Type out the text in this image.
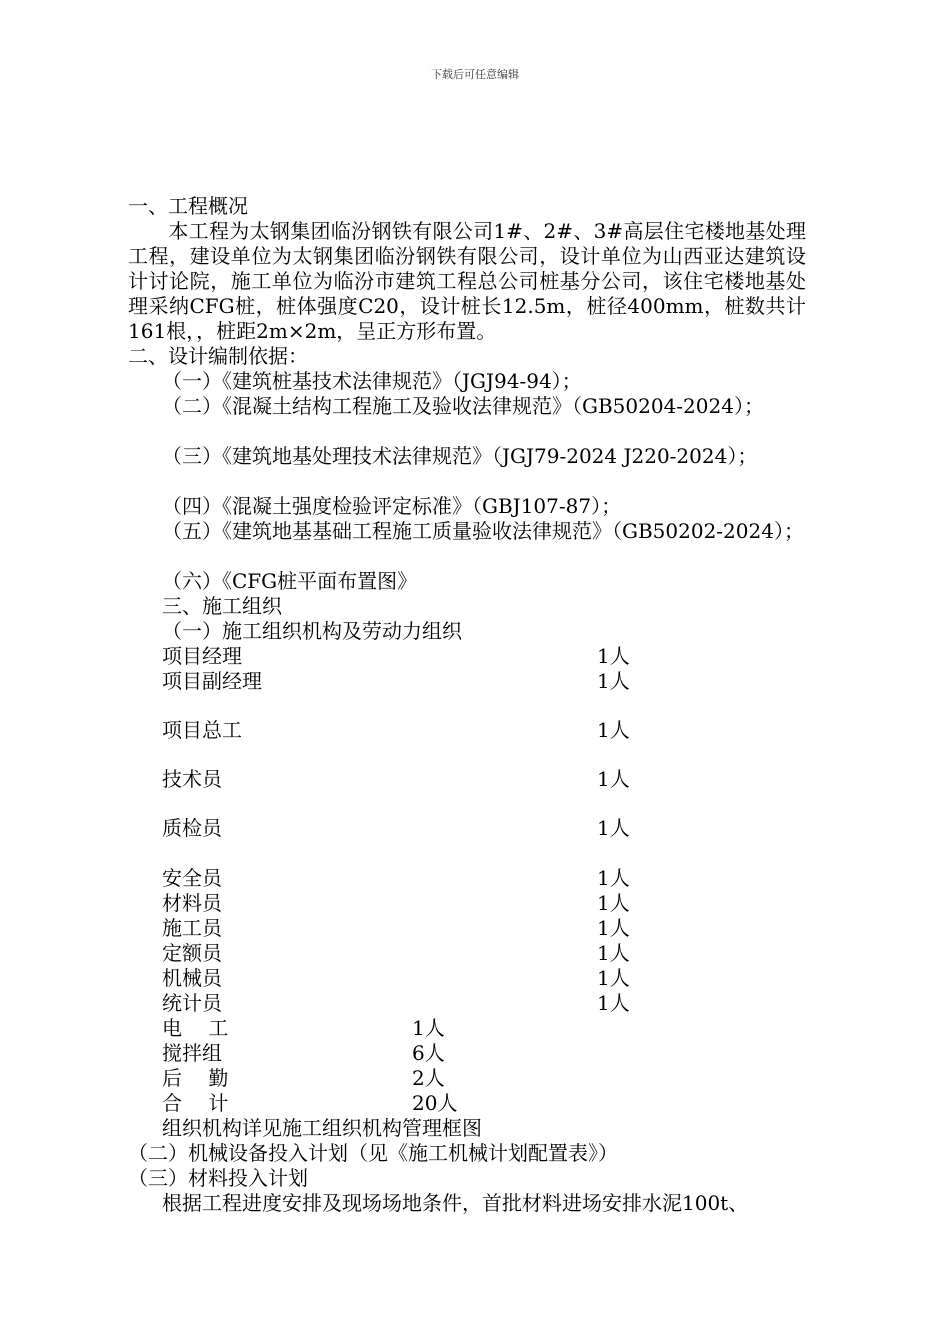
下载后可任意编辑
一、工程概况
本工程为太钢集团临汾钢铁有限公司1#、2#、3#高层住宅楼地基处理工程，建设单位为太钢集团临汾钢铁有限公司，设计单位为山西亚达建筑设计讨论院，施工单位为临汾市建筑工程总公司桩基分公司，该住宅楼地基处理采纳CFG桩，桩体强度C20，设计桩长12.5m，桩径400mm，桩数共计161根，，桩距2m×2m，呈正方形布置。
二、设计编制依据：
（一）《建筑桩基技术法律规范》（JGJ94-94）；
（二）《混凝土结构工程施工及验收法律规范》（GB50204-2024）；
（三）《建筑地基处理技术法律规范》（JGJ79-2024 J220-2024）；
（四）《混凝土强度检验评定标准》（GBJ107-87）；
（五）《建筑地基基础工程施工质量验收法律规范》（GB50202-2024）；
（六）《CFG桩平面布置图》
三、施工组织
（一）施工组织机构及劳动力组织
项目经理	1人
项目副经理	1人
项目总工	1人
技术员	1人
质检员	1人
安全员	1人
材料员	1人
施工员	1人
定额员	1人
机械员	1人
统计员	1人
电　 工	1人
搅拌组	6人
后　 勤	2人
合　 计	20人
组织机构详见施工组织机构管理框图
（二）机械设备投入计划（见《施工机械计划配置表》）
（三）材料投入计划
根据工程进度安排及现场场地条件，首批材料进场安排水泥100t、
